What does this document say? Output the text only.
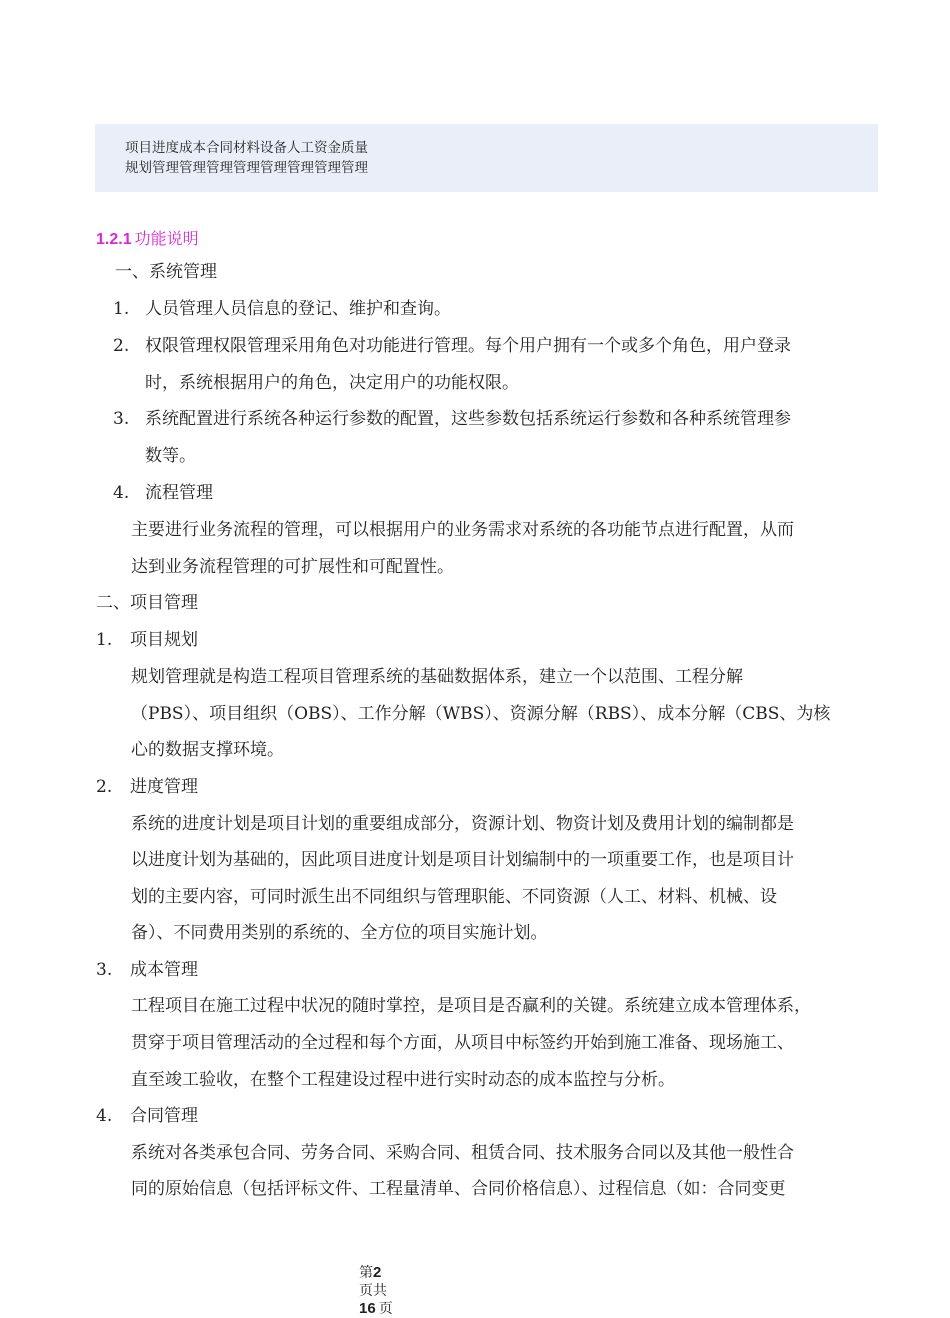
项目进度成本合同材料设备人工资金质量
规划管理管理管理管理管理管理管理管理
1.2.1 功能说明
一、系统管理
1. 人员管理人员信息的登记、维护和查询。
2. 权限管理权限管理采用角色对功能进行管理。每个用户拥有一个或多个角色，用户登录
时，系统根据用户的角色，决定用户的功能权限。
3. 系统配置进行系统各种运行参数的配置，这些参数包括系统运行参数和各种系统管理参
数等。
4. 流程管理
主要进行业务流程的管理，可以根据用户的业务需求对系统的各功能节点进行配置，从而
达到业务流程管理的可扩展性和可配置性。
二、项目管理
1. 项目规划
规划管理就是构造工程项目管理系统的基础数据体系，建立一个以范围、工程分解
（PBS）、项目组织（OBS）、工作分解（WBS）、资源分解（RBS）、成本分解（CBS、为核
心的数据支撑环境。
2. 进度管理
系统的进度计划是项目计划的重要组成部分，资源计划、物资计划及费用计划的编制都是
以进度计划为基础的，因此项目进度计划是项目计划编制中的一项重要工作，也是项目计
划的主要内容，可同时派生出不同组织与管理职能、不同资源（人工、材料、机械、设
备）、不同费用类别的系统的、全方位的项目实施计划。
3. 成本管理
工程项目在施工过程中状况的随时掌控，是项目是否赢利的关键。系统建立成本管理体系，
贯穿于项目管理活动的全过程和每个方面，从项目中标签约开始到施工准备、现场施工、
直至竣工验收，在整个工程建设过程中进行实时动态的成本监控与分析。
4. 合同管理
系统对各类承包合同、劳务合同、采购合同、租赁合同、技术服务合同以及其他一般性合
同的原始信息（包括评标文件、工程量清单、合同价格信息）、过程信息（如：合同变更
第2
页共
16 页
